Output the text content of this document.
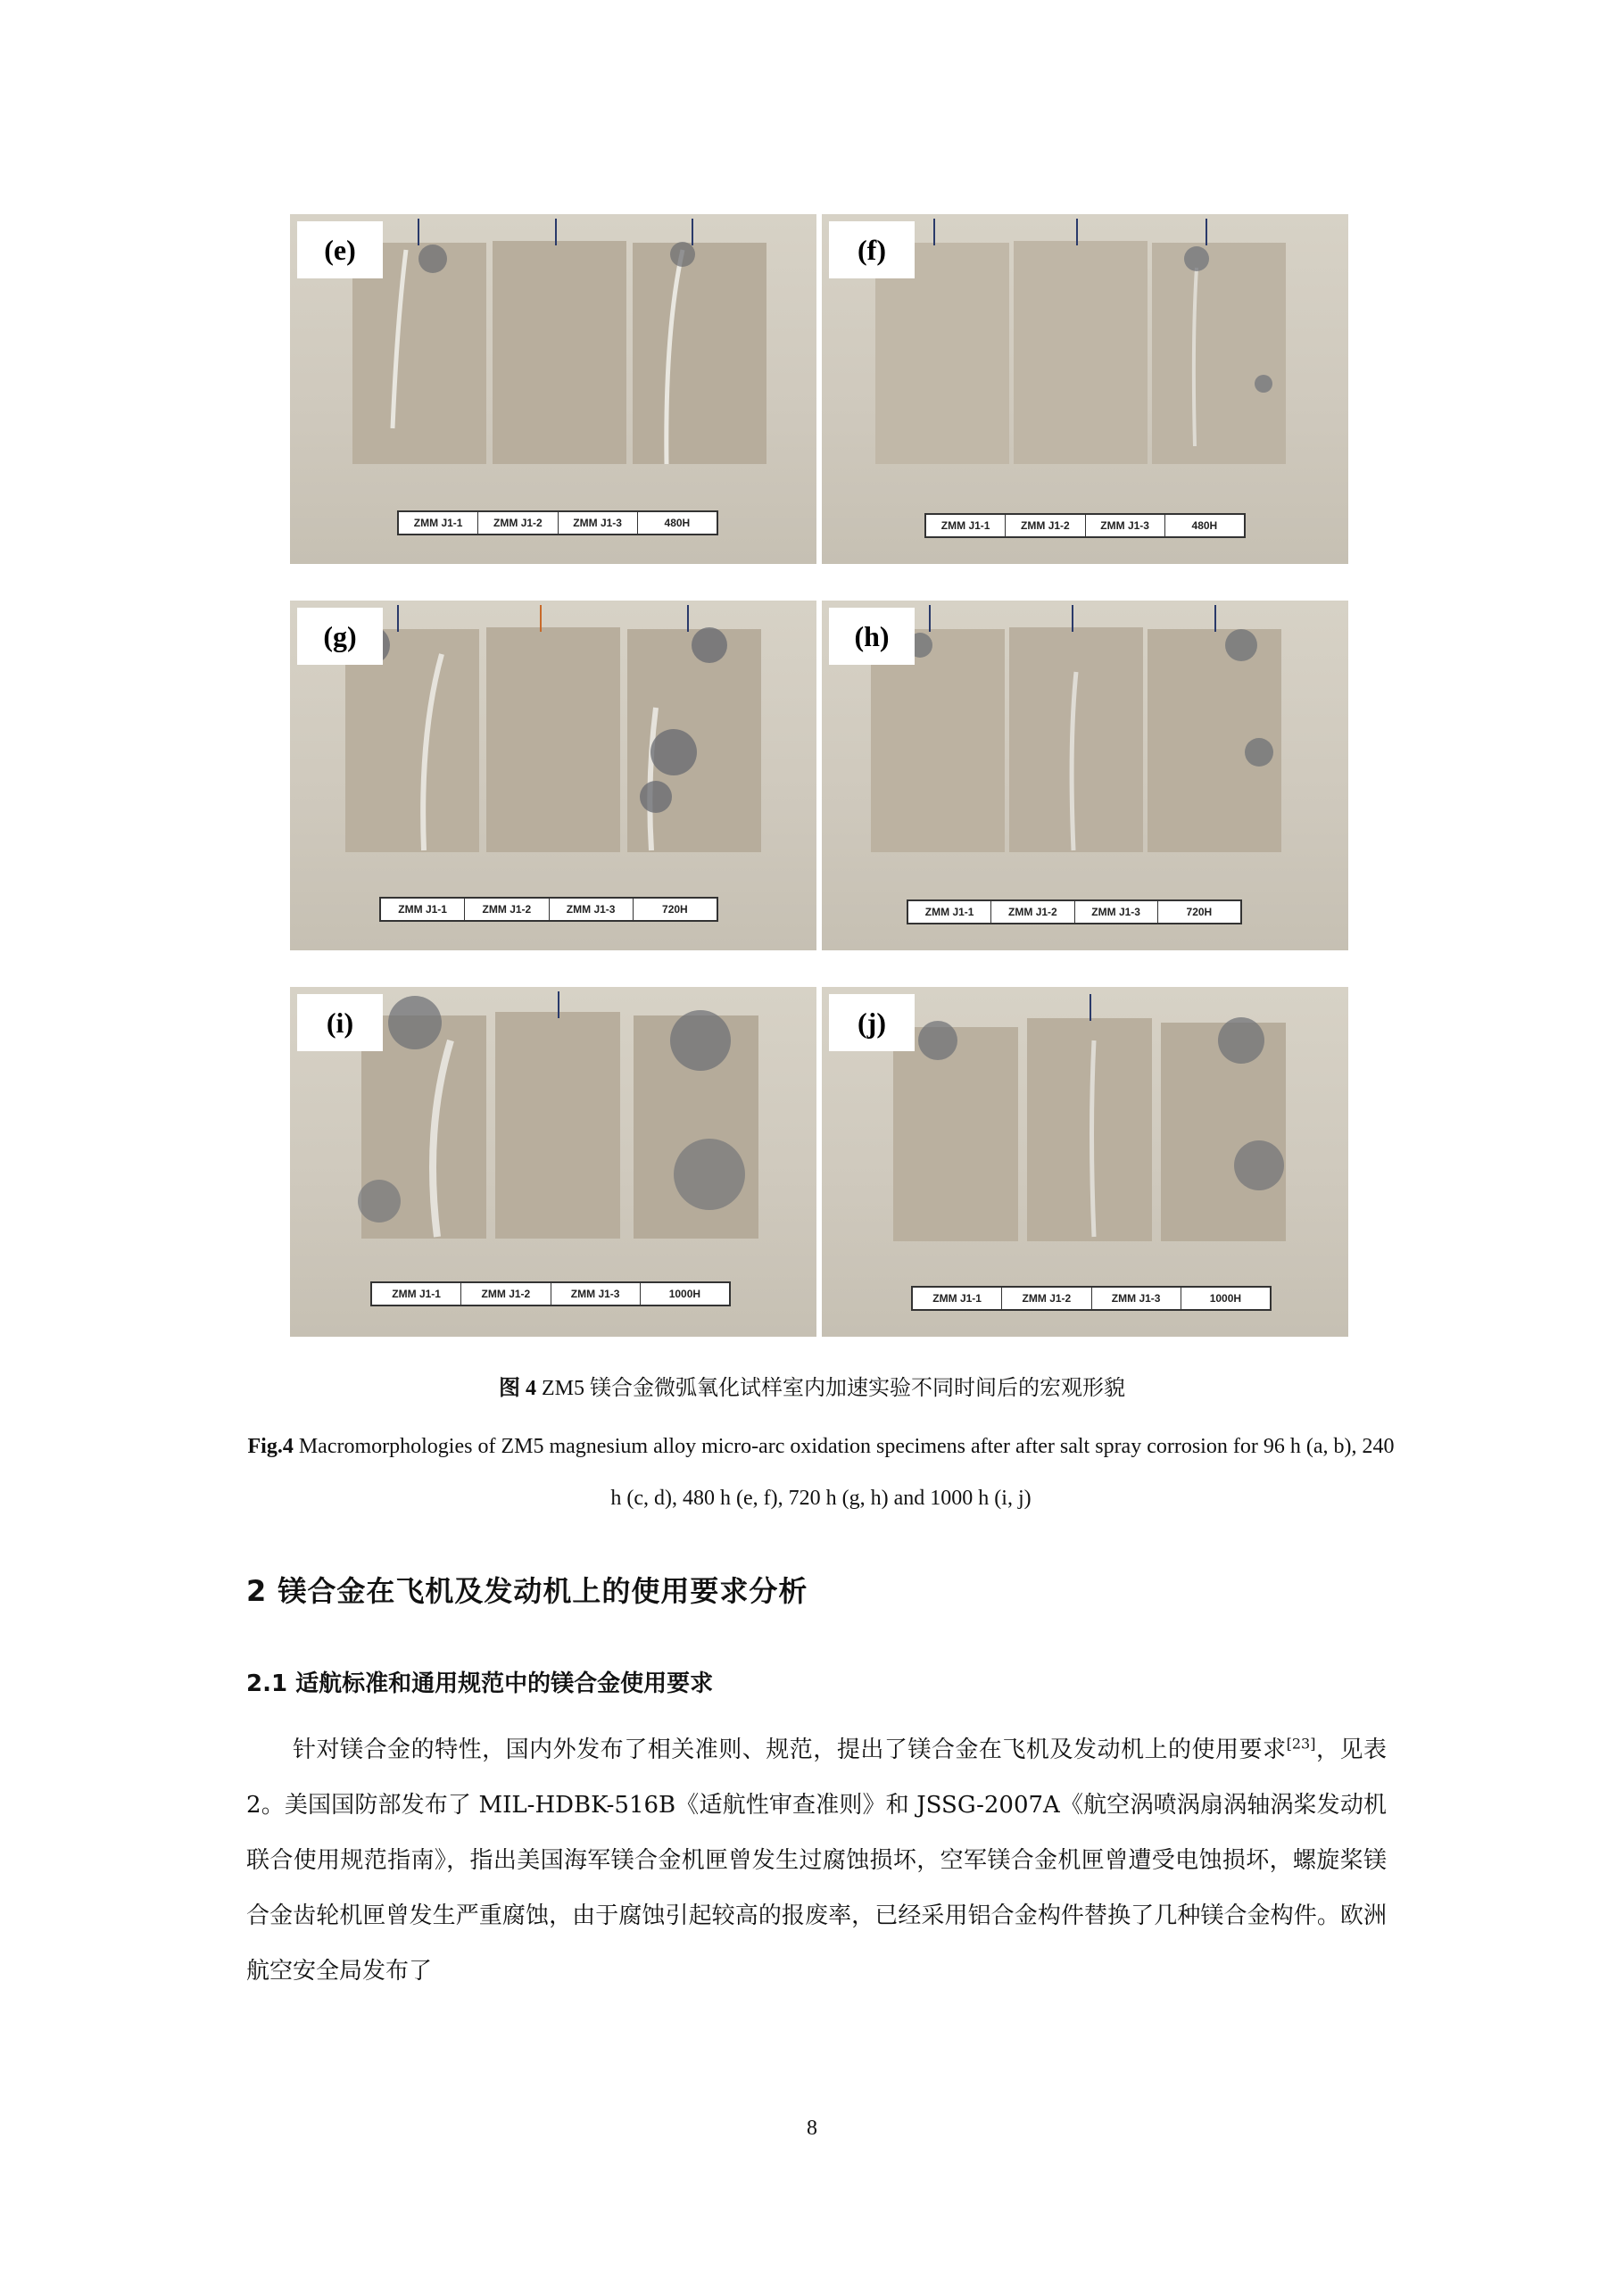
(e)
ZMM J1-1	ZMM J1-2	ZMM J1-3	480H
(f)
ZMM J1-1	ZMM J1-2	ZMM J1-3	480H
(g)
ZMM J1-1	ZMM J1-2	ZMM J1-3	720H
(h)
ZMM J1-1	ZMM J1-2	ZMM J1-3	720H
(i)
ZMM J1-1	ZMM J1-2	ZMM J1-3	1000H
(j)
ZMM J1-1	ZMM J1-2	ZMM J1-3	1000H
图 4 ZM5 镁合金微弧氧化试样室内加速实验不同时间后的宏观形貌
Fig.4 Macromorphologies of ZM5 magnesium alloy micro-arc oxidation specimens after after salt spray corrosion for 96 h (a, b), 240 h (c, d), 480 h (e, f), 720 h (g, h) and 1000 h (i, j)
2 镁合金在飞机及发动机上的使用要求分析
2.1 适航标准和通用规范中的镁合金使用要求

针对镁合金的特性，国内外发布了相关准则、规范，提出了镁合金在飞机及发动机上的使用要求[23]，见表 2。美国国防部发布了 MIL-HDBK-516B《适航性审查准则》和 JSSG-2007A《航空涡喷涡扇涡轴涡桨发动机联合使用规范指南》，指出美国海军镁合金机匣曾发生过腐蚀损坏，空军镁合金机匣曾遭受电蚀损坏，螺旋桨镁合金齿轮机匣曾发生严重腐蚀，由于腐蚀引起较高的报废率，已经采用铝合金构件替换了几种镁合金构件。欧洲航空安全局发布了

8
